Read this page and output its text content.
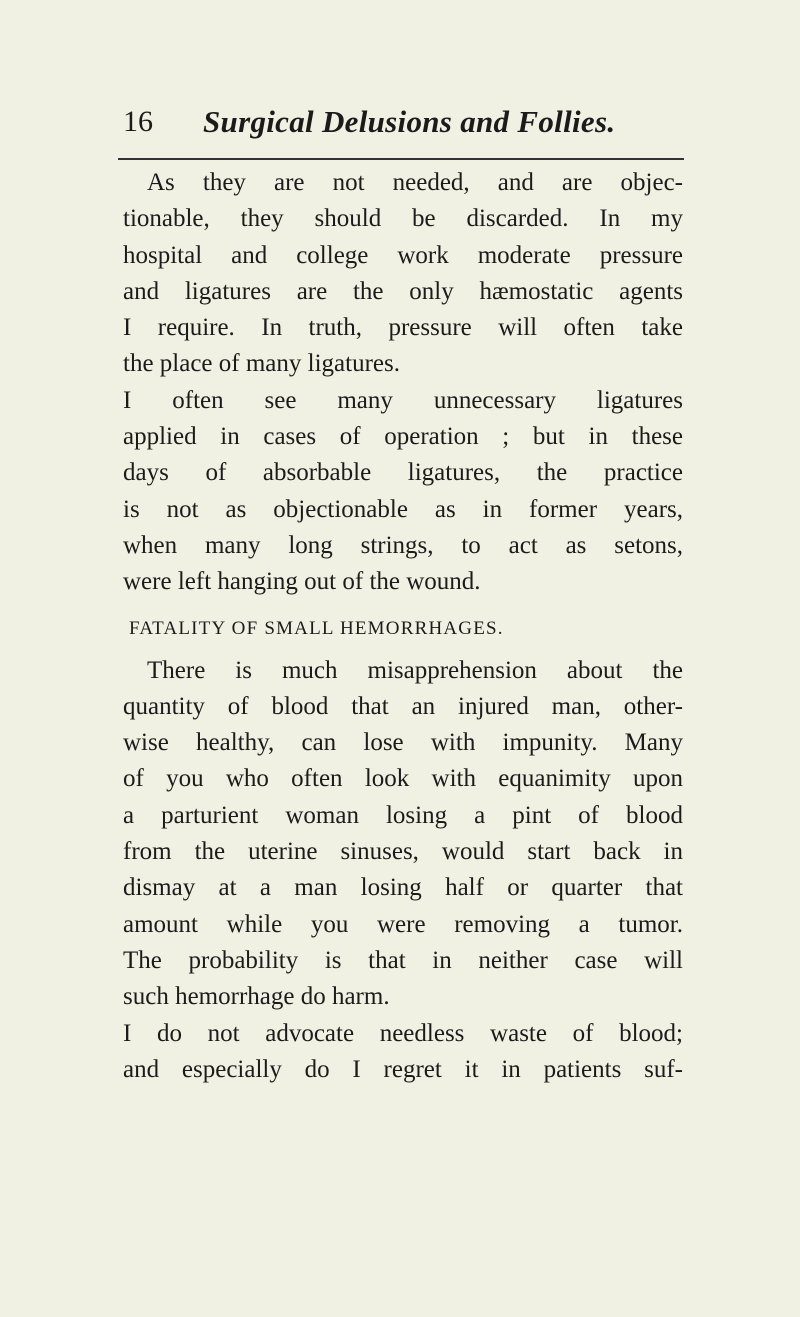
16 Surgical Delusions and Follies.
As they are not needed, and are objec-
tionable, they should be discarded. In my
hospital and college work moderate pressure
and ligatures are the only hæmostatic agents
I require. In truth, pressure will often take
the place of many ligatures.
I often see many unnecessary ligatures
applied in cases of operation ; but in these
days of absorbable ligatures, the practice
is not as objectionable as in former years,
when many long strings, to act as setons,
were left hanging out of the wound.
FATALITY OF SMALL HEMORRHAGES.
There is much misapprehension about the
quantity of blood that an injured man, other-
wise healthy, can lose with impunity. Many
of you who often look with equanimity upon
a parturient woman losing a pint of blood
from the uterine sinuses, would start back in
dismay at a man losing half or quarter that
amount while you were removing a tumor.
The probability is that in neither case will
such hemorrhage do harm.
I do not advocate needless waste of blood;
and especially do I regret it in patients suf-
